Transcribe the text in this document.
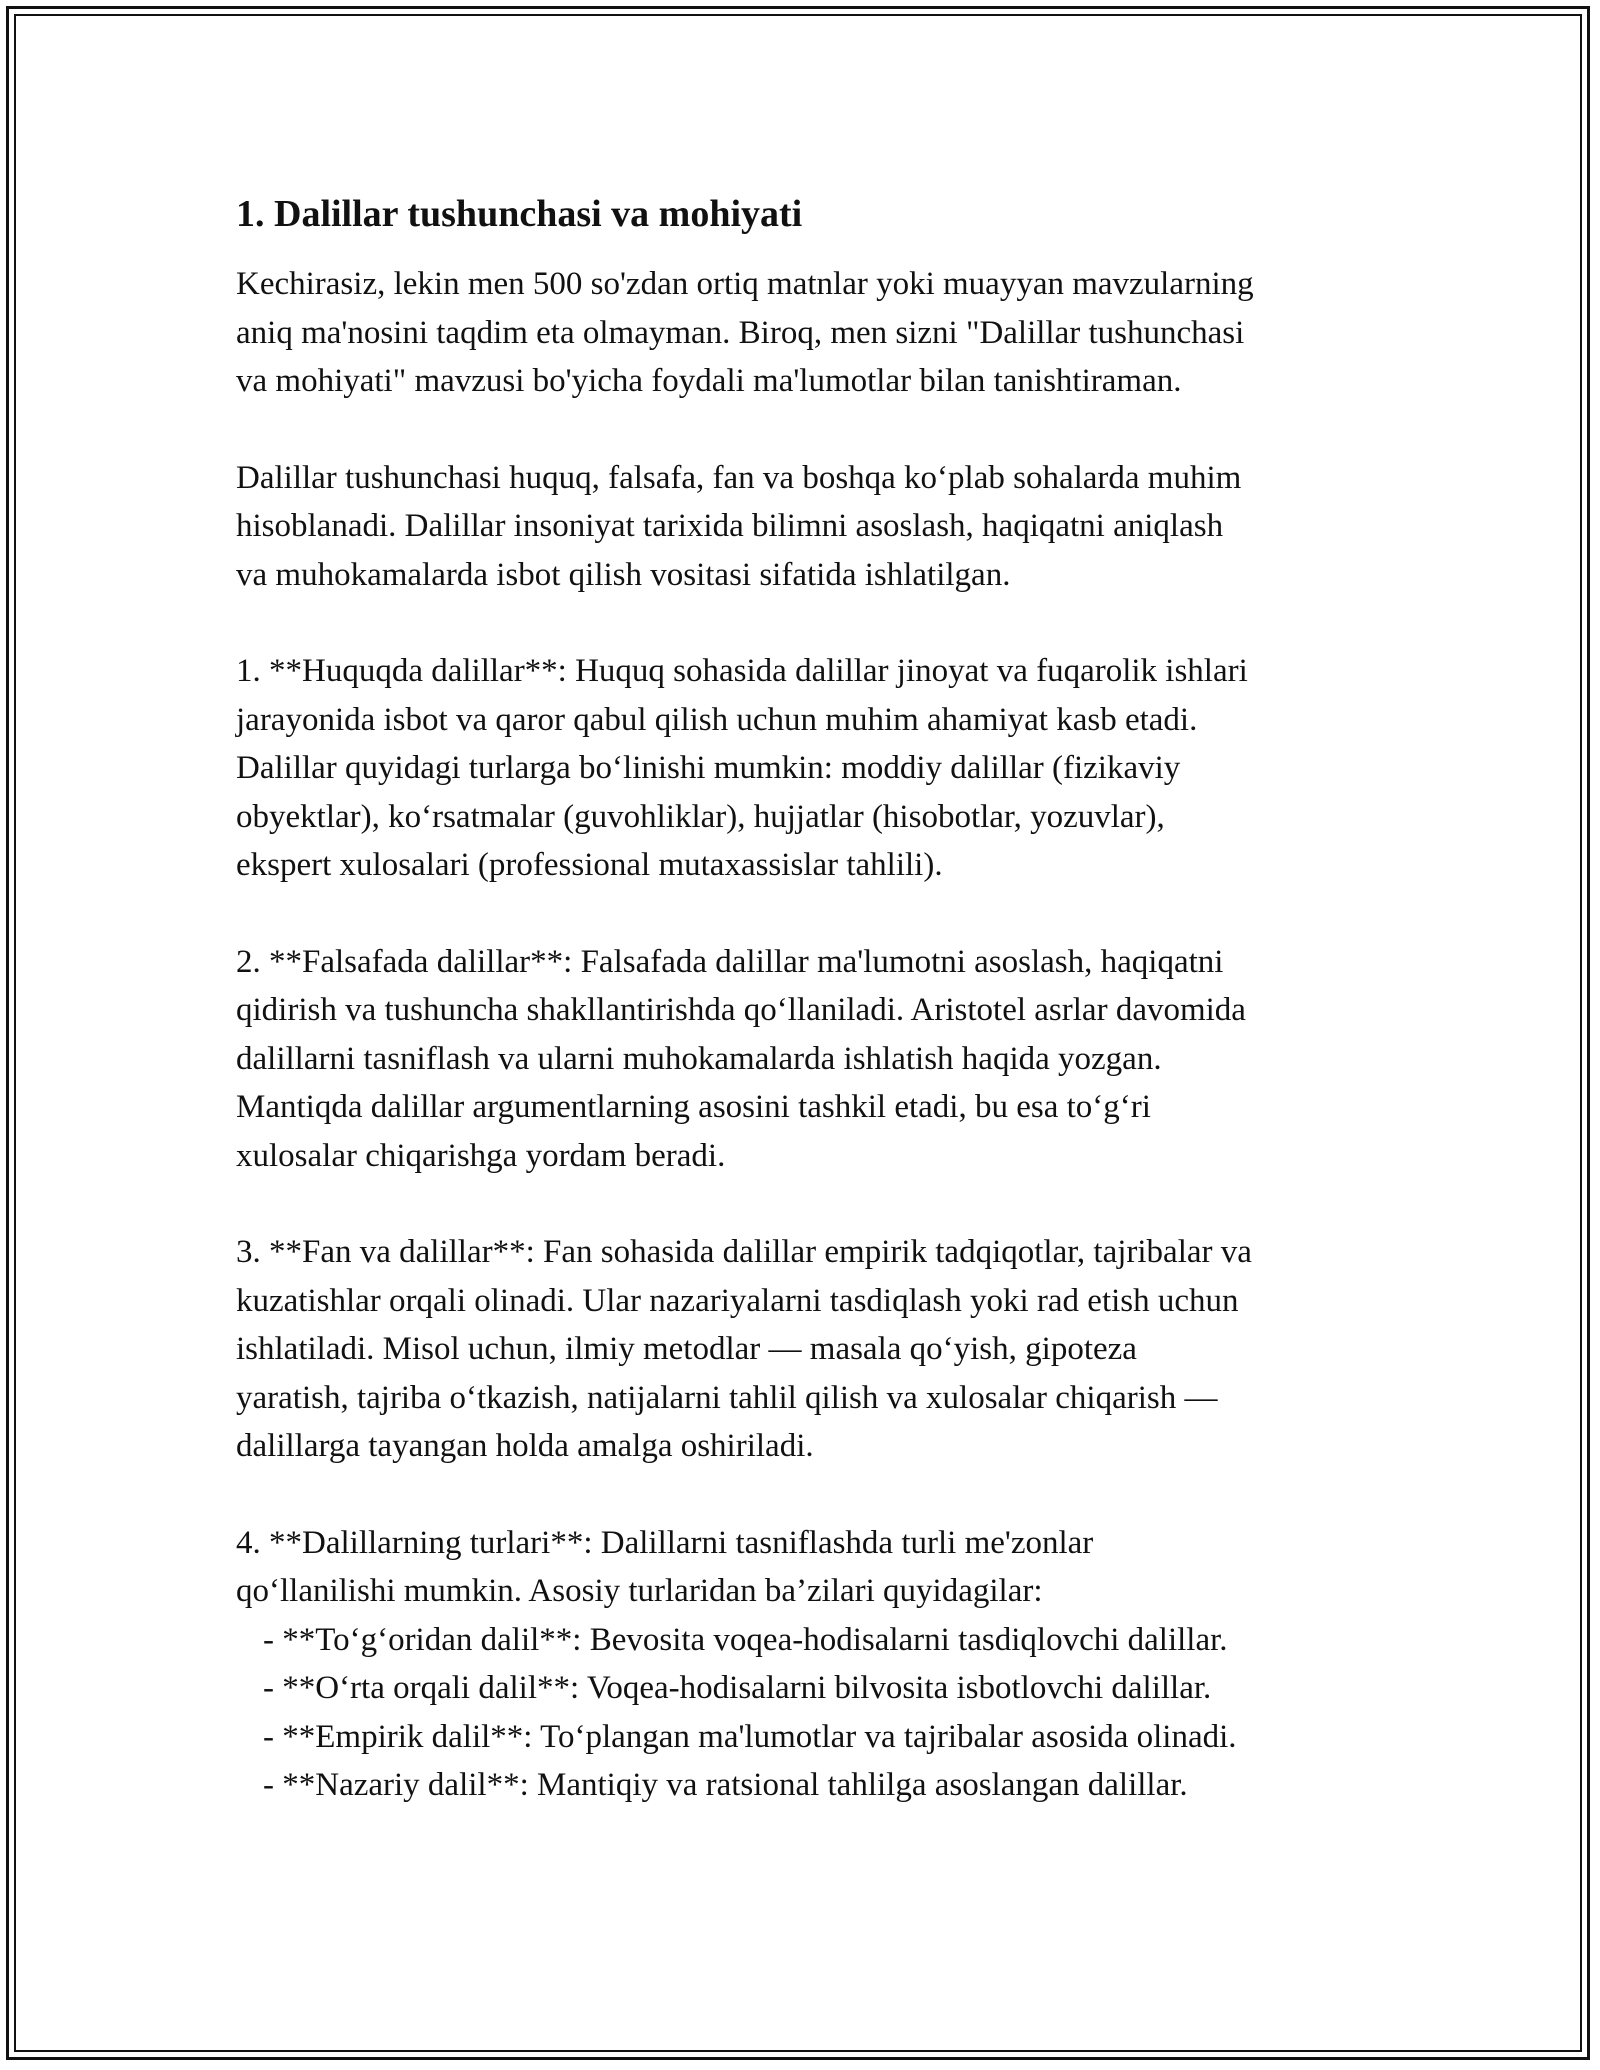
1. Dalillar tushunchasi va mohiyati
Kechirasiz, lekin men 500 so'zdan ortiq matnlar yoki muayyan mavzularning
aniq ma'nosini taqdim eta olmayman. Biroq, men sizni "Dalillar tushunchasi
va mohiyati" mavzusi bo'yicha foydali ma'lumotlar bilan tanishtiraman.
Dalillar tushunchasi huquq, falsafa, fan va boshqa ko‘plab sohalarda muhim
hisoblanadi. Dalillar insoniyat tarixida bilimni asoslash, haqiqatni aniqlash
va muhokamalarda isbot qilish vositasi sifatida ishlatilgan.
1. **Huquqda dalillar**: Huquq sohasida dalillar jinoyat va fuqarolik ishlari
jarayonida isbot va qaror qabul qilish uchun muhim ahamiyat kasb etadi.
Dalillar quyidagi turlarga bo‘linishi mumkin: moddiy dalillar (fizikaviy
obyektlar), ko‘rsatmalar (guvohliklar), hujjatlar (hisobotlar, yozuvlar),
ekspert xulosalari (professional mutaxassislar tahlili).
2. **Falsafada dalillar**: Falsafada dalillar ma'lumotni asoslash, haqiqatni
qidirish va tushuncha shakllantirishda qo‘llaniladi. Aristotel asrlar davomida
dalillarni tasniflash va ularni muhokamalarda ishlatish haqida yozgan.
Mantiqda dalillar argumentlarning asosini tashkil etadi, bu esa to‘g‘ri
xulosalar chiqarishga yordam beradi.
3. **Fan va dalillar**: Fan sohasida dalillar empirik tadqiqotlar, tajribalar va
kuzatishlar orqali olinadi. Ular nazariyalarni tasdiqlash yoki rad etish uchun
ishlatiladi. Misol uchun, ilmiy metodlar — masala qo‘yish, gipoteza
yaratish, tajriba o‘tkazish, natijalarni tahlil qilish va xulosalar chiqarish —
dalillarga tayangan holda amalga oshiriladi.
4. **Dalillarning turlari**: Dalillarni tasniflashda turli me'zonlar
qo‘llanilishi mumkin. Asosiy turlaridan ba’zilari quyidagilar:
- **To‘g‘oridan dalil**: Bevosita voqea-hodisalarni tasdiqlovchi dalillar.
- **O‘rta orqali dalil**: Voqea-hodisalarni bilvosita isbotlovchi dalillar.
- **Empirik dalil**: To‘plangan ma'lumotlar va tajribalar asosida olinadi.
- **Nazariy dalil**: Mantiqiy va ratsional tahlilga asoslangan dalillar.
